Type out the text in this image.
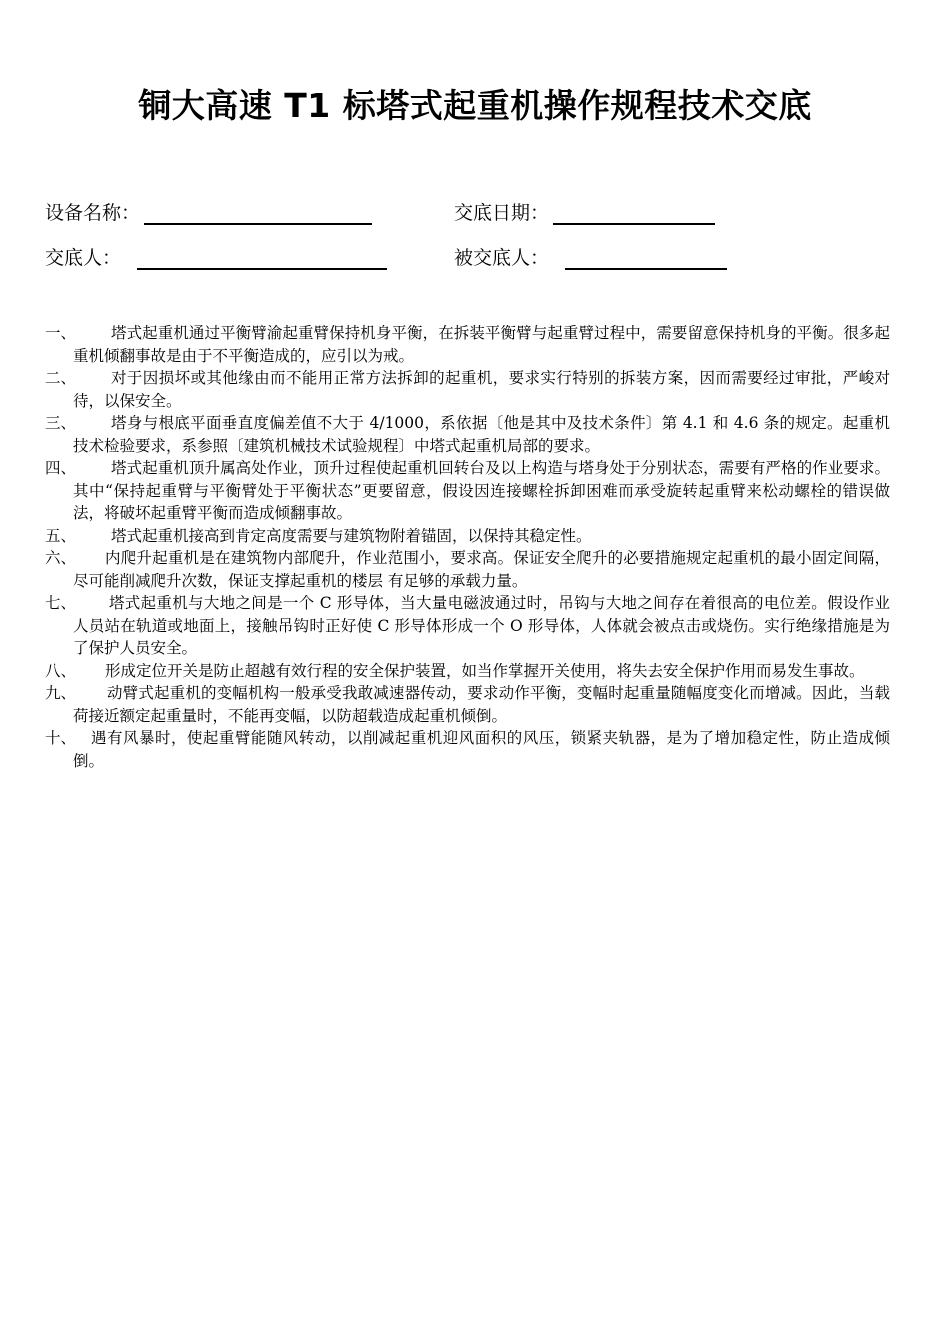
铜大高速 T1 标塔式起重机操作规程技术交底
设备名称：	交底日期：
交底人：	被交底人：
一、	塔式起重机通过平衡臂渝起重臂保持机身平衡，在拆装平衡臂与起重臂过程中，需要留意保持机身的平衡。很多起重机倾翻事故是由于不平衡造成的，应引以为戒。
二、	对于因损坏或其他缘由而不能用正常方法拆卸的起重机，要求实行特别的拆装方案，因而需要经过审批，严峻对待，以保安全。
三、	塔身与根底平面垂直度偏差值不大于 4/1000，系依据〔他是其中及技术条件〕第 4.1 和 4.6 条的规定。起重机技术检验要求，系参照〔建筑机械技术试验规程〕中塔式起重机局部的要求。
四、	塔式起重机顶升属高处作业，顶升过程使起重机回转台及以上构造与塔身处于分别状态，需要有严格的作业要求。其中“保持起重臂与平衡臂处于平衡状态”更要留意，假设因连接螺栓拆卸困难而承受旋转起重臂来松动螺栓的错误做法，将破坏起重臂平衡而造成倾翻事故。
五、	塔式起重机接高到肯定高度需要与建筑物附着锚固，以保持其稳定性。
六、	内爬升起重机是在建筑物内部爬升，作业范围小，要求高。保证安全爬升的必要措施规定起重机的最小固定间隔，尽可能削减爬升次数，保证支撑起重机的楼层 有足够的承载力量。
七、	塔式起重机与大地之间是一个 C 形导体，当大量电磁波通过时，吊钩与大地之间存在着很高的电位差。假设作业人员站在轨道或地面上，接触吊钩时正好使 C 形导体形成一个 O 形导体，人体就会被点击或烧伤。实行绝缘措施是为了保护人员安全。
八、	形成定位开关是防止超越有效行程的安全保护装置，如当作掌握开关使用，将失去安全保护作用而易发生事故。
九、	动臂式起重机的变幅机构一般承受我敢减速器传动，要求动作平衡，变幅时起重量随幅度变化而增减。因此，当载荷接近额定起重量时，不能再变幅，以防超载造成起重机倾倒。
十、 遇有风暴时，使起重臂能随风转动，以削减起重机迎风面积的风压，锁紧夹轨器，是为了增加稳定性，防止造成倾倒。
